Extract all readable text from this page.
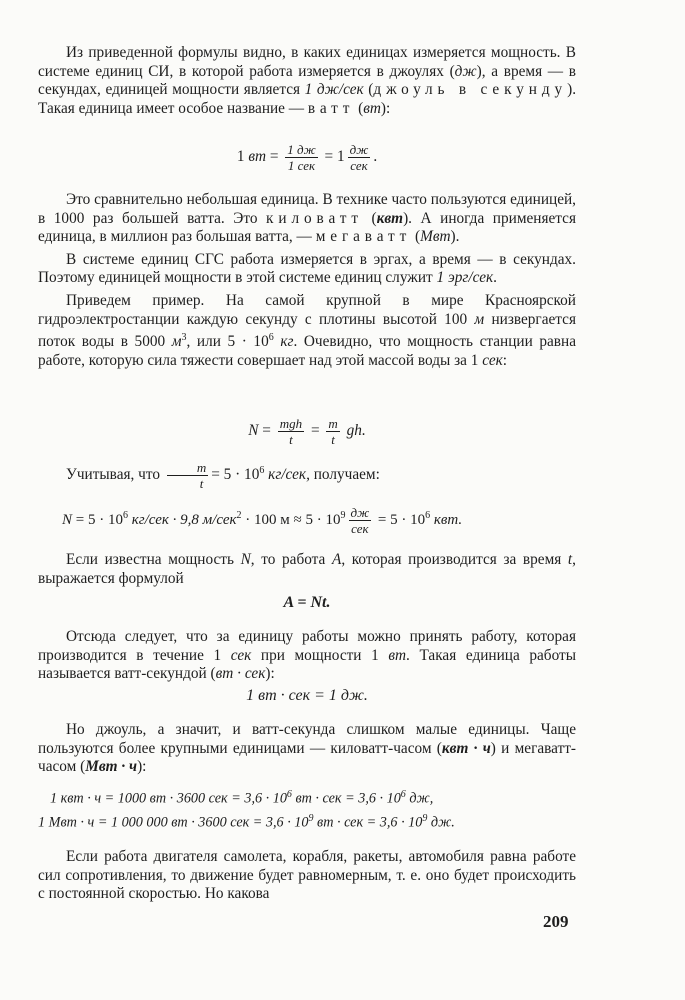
Из приведенной формулы видно, в каких единицах измеряется мощность. В системе единиц СИ, в которой работа измеряется в джоулях (дж), а время — в секундах, единицей мощности является 1 дж/сек (джоуль в секунду). Такая единица имеет особое название — ватт (вт):

1 вт = $\frac{1 дж}{\text{1 сек}} = 1 \frac{дж}{\text{сек}}$ .

Это сравнительно небольшая единица. В технике часто пользуются единицей, в 1000 раз большей ватта. Это киловатт (квт). А иногда применяется единица, в миллион раз большая ватта, — мегаватт (Мвт).

В системе единиц СГС работа измеряется в эргах, а время — в секундах. Поэтому единицей мощности в этой системе единиц служит 1 эрг/сек.

Приведем пример. На самой крупной в мире Красноярской гидроэлектростанции каждую секунду с плотины высотой 100 м низвергается поток воды в 5000 $м^3$, или $5 \cdot 10^6$ кг. Очевидно, что мощность станции равна работе, которую сила тяжести совершает над этой массой воды за 1 сек:

$N = \frac{\text{mgh}}{t} = \frac{m}{t}$ gh.
Учитывая, что $\frac{m}{t} = 5 \cdot 10^6$ кг/сек, получаем:
$N = 5 \cdot 10^6$ кг/сек · 9,8 м/сек$^2$ · 100 $м \approx 5 \cdot 10^9 \frac{дж}{\text{сек}} = 5 \cdot 10^6$ квт.

Если известна мощность N, то работа A, которая производится за время t, выражается формулой

A = Nt.

Отсюда следует, что за единицу работы можно принять работу, которая производится в течение 1 сек при мощности 1 вт. Такая единица работы называется ватт-секундой (вт · сек):

1 вт · сек = 1 дж.

Но джоуль, а значит, и ватт-секунда слишком малые единицы. Чаще пользуются более крупными единицами — киловатт-часом (квт · ч) и мегаватт-часом (Мвт · ч):

1 квт · ч = 1000 вт · 3600 сек = $3,6 \cdot 10^6$ вт · сек = $3,6 \cdot 10^6$ дж,
1 Мвт · ч = 1 000 000 вт · 3600 сек = $3,6 \cdot 10^9$ вт · сек = $3,6 \cdot 10^9$ дж.

Если работа двигателя самолета, корабля, ракеты, автомобиля равна работе сил сопротивления, то движение будет равномерным, т. е. оно будет происходить с постоянной скоростью. Но какова

209
